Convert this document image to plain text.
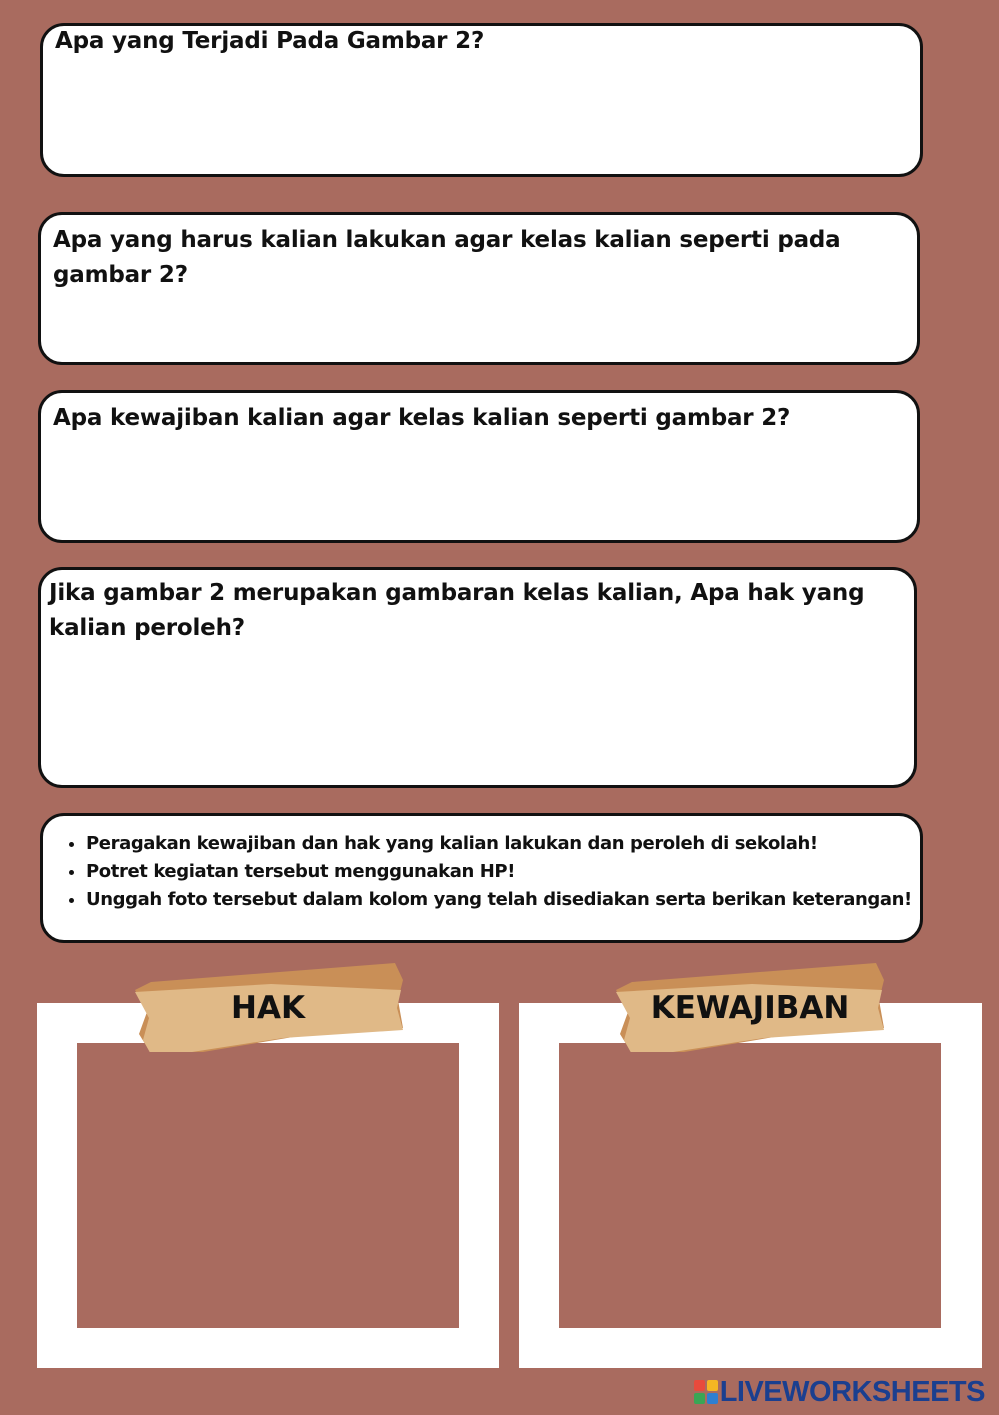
Apa yang Terjadi Pada Gambar 2?
Apa yang harus kalian lakukan agar kelas kalian seperti pada gambar 2?
Apa kewajiban kalian agar kelas kalian seperti gambar 2?
Jika gambar 2 merupakan gambaran kelas kalian, Apa hak yang kalian peroleh?
• Peragakan kewajiban dan hak yang kalian lakukan dan peroleh di sekolah!
• Potret kegiatan tersebut menggunakan HP!
• Unggah foto tersebut dalam kolom yang telah disediakan serta berikan keterangan!
HAK	KEWAJIBAN
LIVEWORKSHEETS
